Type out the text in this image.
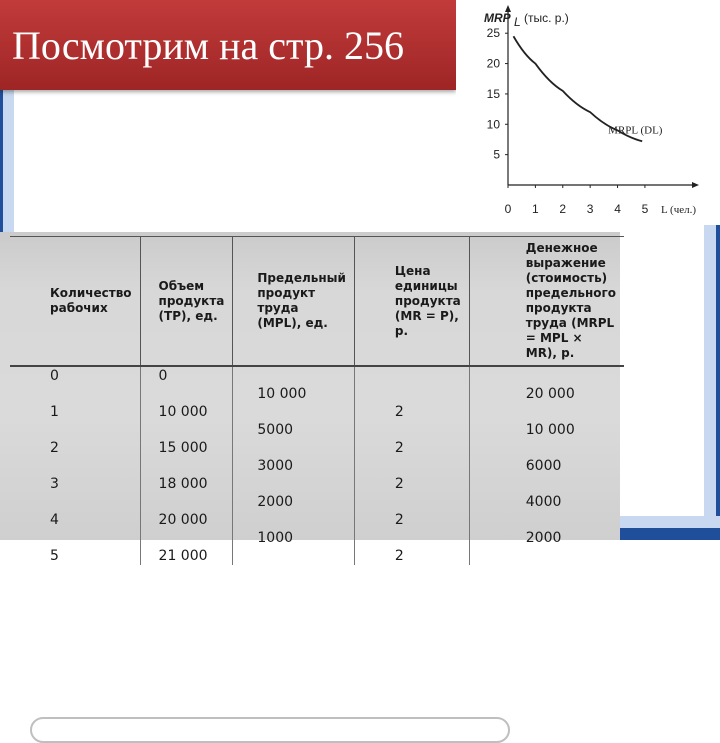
Посмотрим на стр. 256
5
10
15
20
25
0 1 2 3 4 5
MRP L (тыс. р.)
L (чел.)
MRPL (DL)
Количество рабочих	Объем продукта (TP), ед.	Предельный продукт труда (MPL), ед.	Цена единицы продукта (MR = P), р.	Денежное выражение (стоимость) предельного продукта труда (MRPL = MPL × MR), р.
0	0			
		10 000		20 000
1	10 000		2	
		5000		10 000
2	15 000		2	
		3000		6000
3	18 000		2	
		2000		4000
4	20 000		2	
		1000		2000
5	21 000		2	
